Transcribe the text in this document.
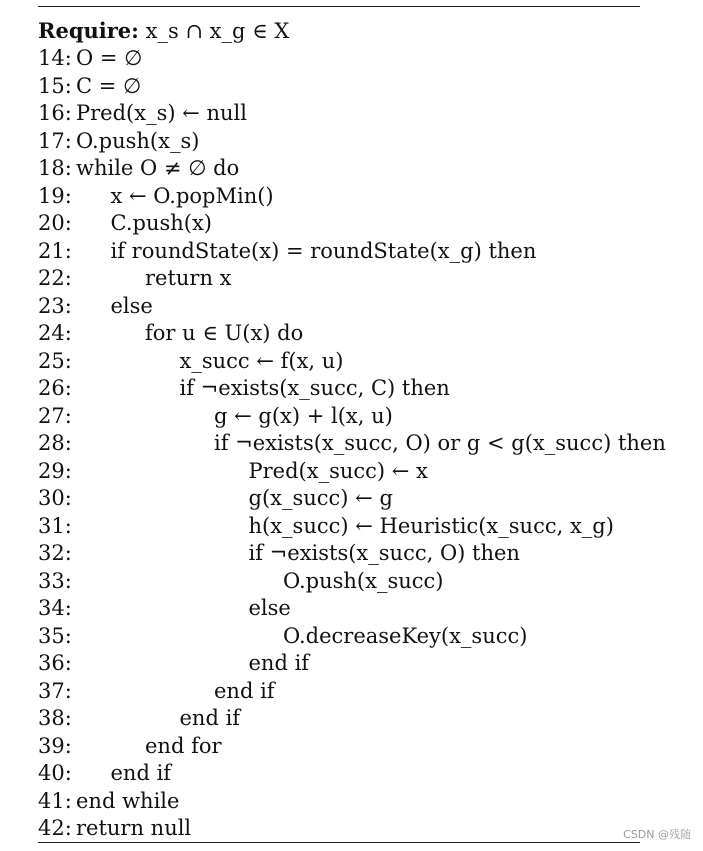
Require: x_s ∩ x_g ∈ X
14: O = ∅
15: C = ∅
16: Pred(x_s) ← null
17: O.push(x_s)
18: while O ≠ ∅ do
19: x ← O.popMin()
20: C.push(x)
21: if roundState(x) = roundState(x_g) then
22:	return x
23: else
24:	for u ∈ U(x) do
25:	x_succ ← f(x, u)
26:	if ¬exists(x_succ, C) then
27:	g ← g(x) + l(x, u)
28:	if ¬exists(x_succ, O) or g < g(x_succ) then
29:	Pred(x_succ) ← x
30:	g(x_succ) ← g
31:	h(x_succ) ← Heuristic(x_succ, x_g)
32:	if ¬exists(x_succ, O) then
33:	O.push(x_succ)
34:	else
35:	O.decreaseKey(x_succ)
36:	end if
37:	end if
38:	end if
39:	end for
40: end if
41: end while
42: return null	CSDN @残随
